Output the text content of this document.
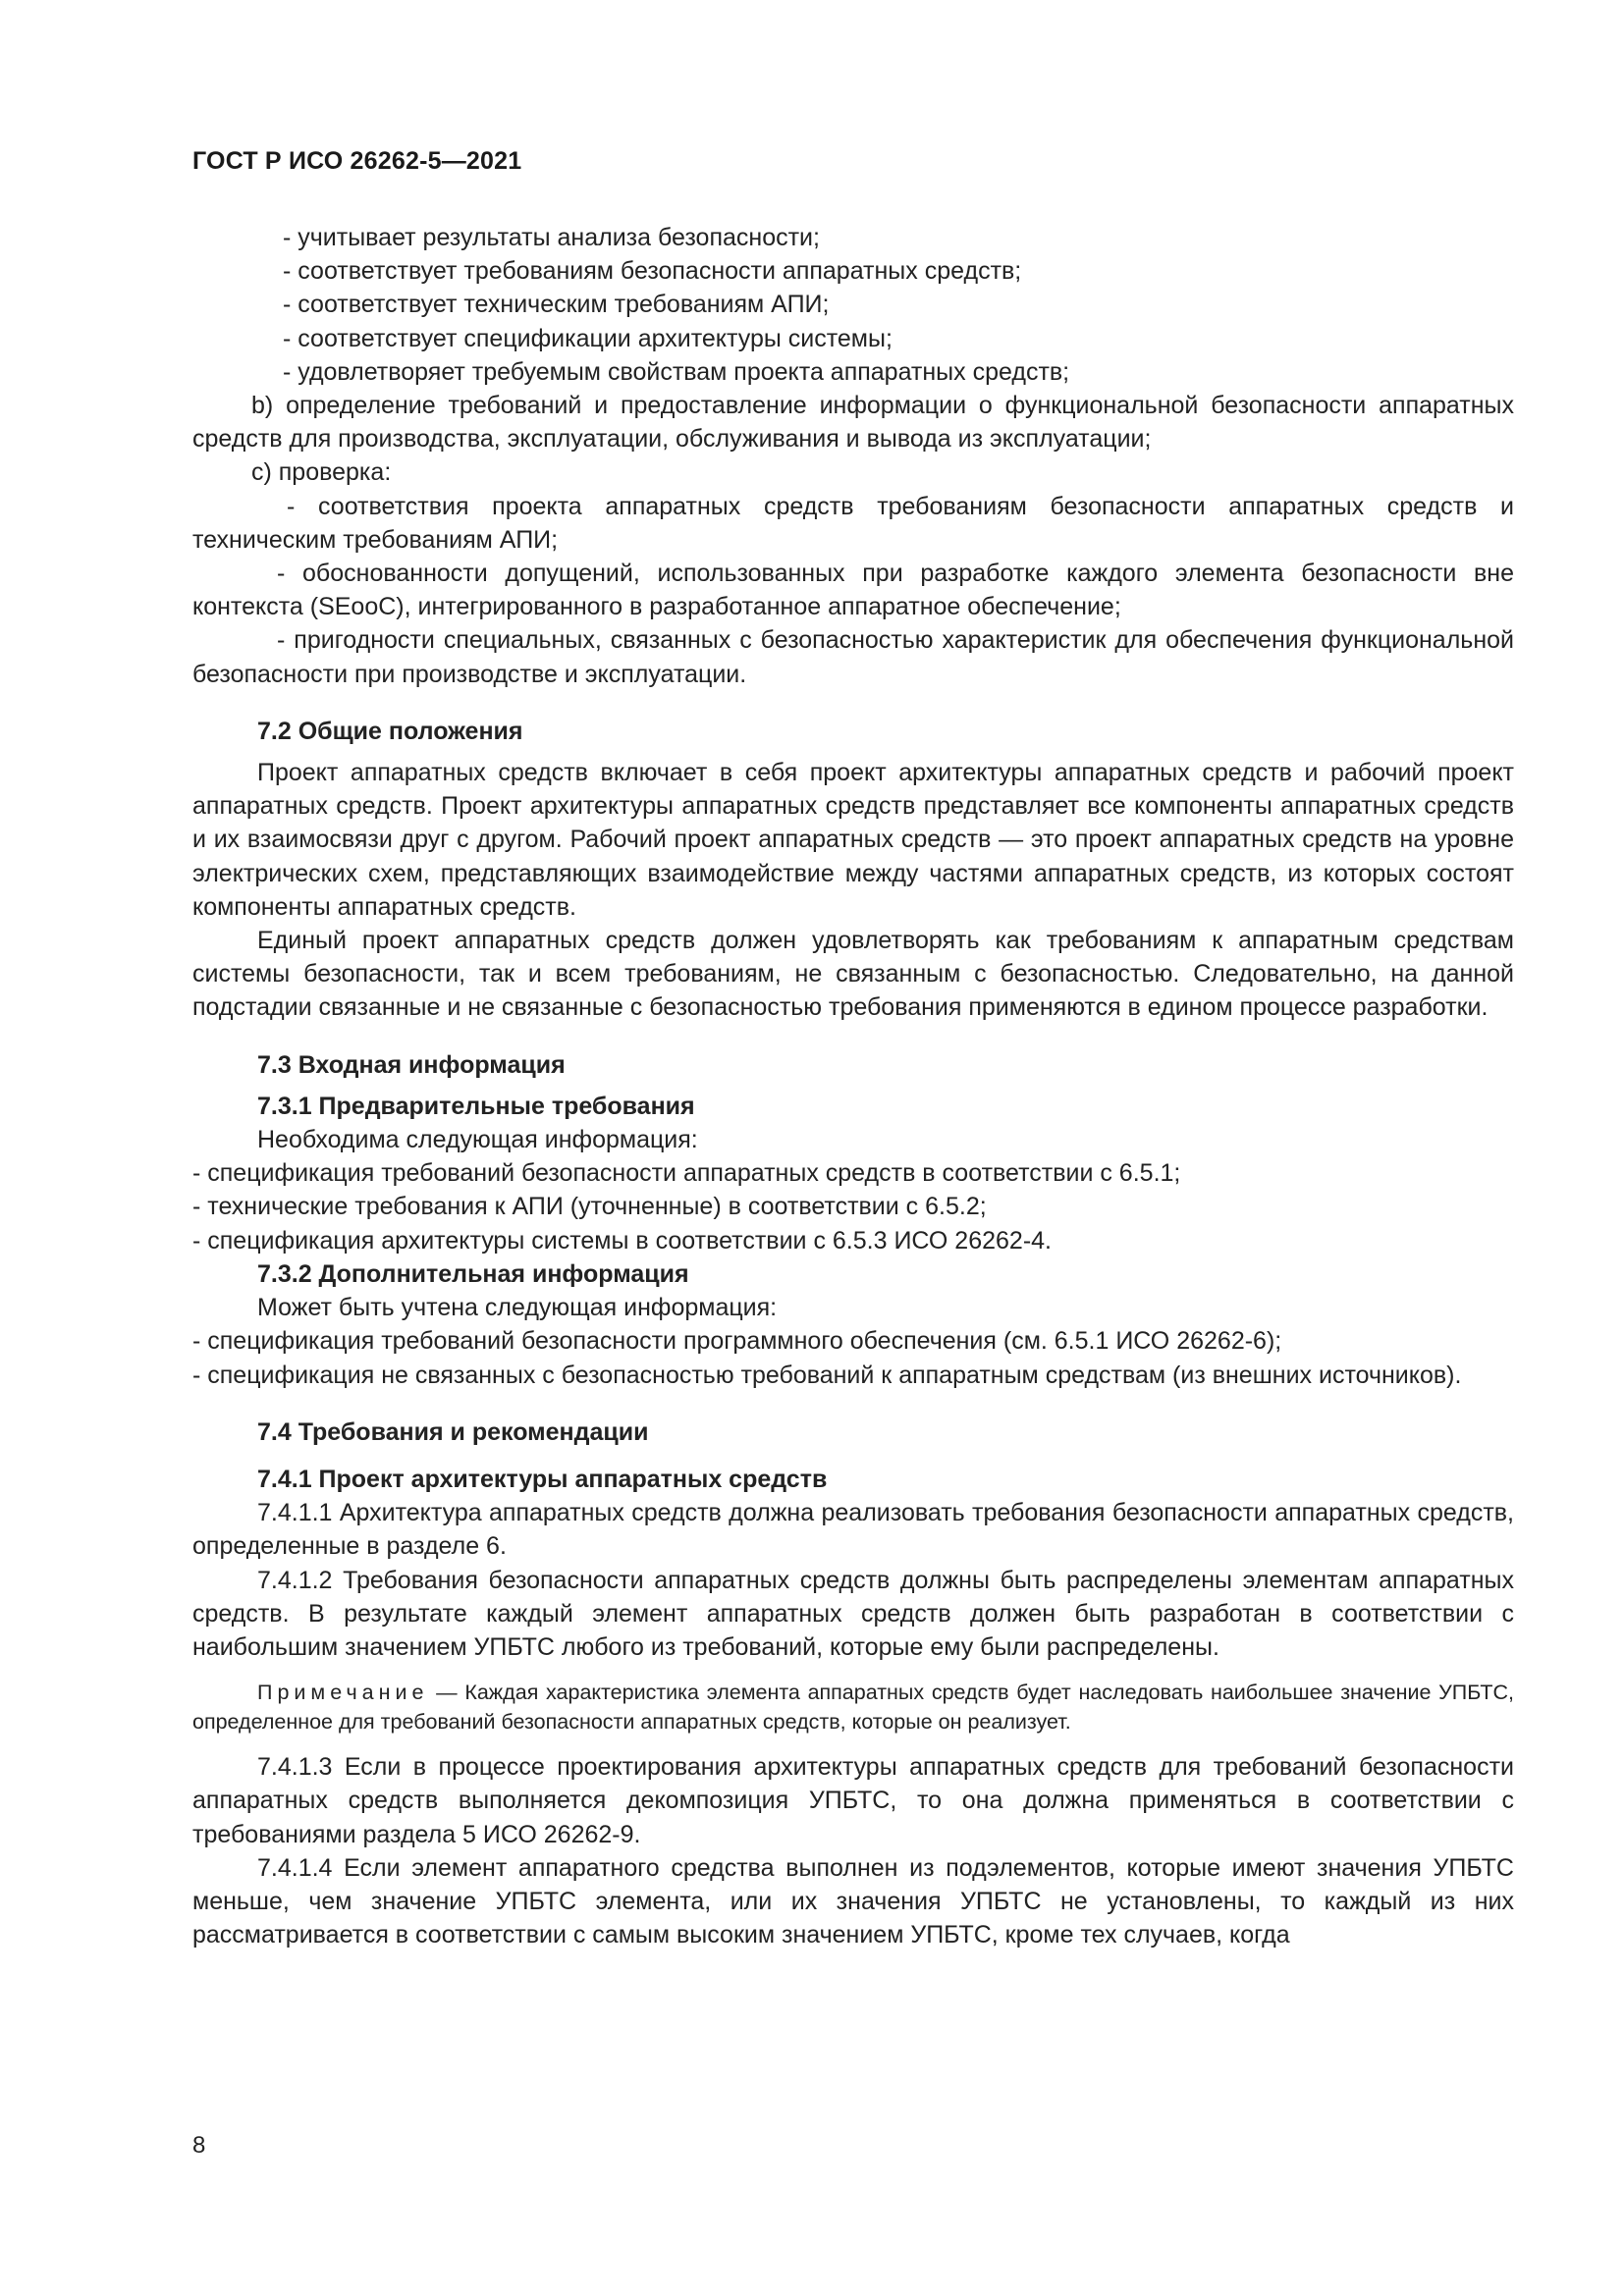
ГОСТ Р ИСО 26262-5—2021

- учитывает результаты анализа безопасности;

- соответствует требованиям безопасности аппаратных средств;

- соответствует техническим требованиям АПИ;

- соответствует спецификации архитектуры системы;

- удовлетворяет требуемым свойствам проекта аппаратных средств;

b) определение требований и предоставление информации о функциональной безопасности аппаратных средств для производства, эксплуатации, обслуживания и вывода из эксплуатации;

c) проверка:

- соответствия проекта аппаратных средств требованиям безопасности аппаратных средств и техническим требованиям АПИ;

- обоснованности допущений, использованных при разработке каждого элемента безопасности вне контекста (SEooC), интегрированного в разработанное аппаратное обеспечение;

- пригодности специальных, связанных с безопасностью характеристик для обеспечения функциональной безопасности при производстве и эксплуатации.

7.2 Общие положения

Проект аппаратных средств включает в себя проект архитектуры аппаратных средств и рабочий проект аппаратных средств. Проект архитектуры аппаратных средств представляет все компоненты аппаратных средств и их взаимосвязи друг с другом. Рабочий проект аппаратных средств — это проект аппаратных средств на уровне электрических схем, представляющих взаимодействие между частями аппаратных средств, из которых состоят компоненты аппаратных средств.

Единый проект аппаратных средств должен удовлетворять как требованиям к аппаратным средствам системы безопасности, так и всем требованиям, не связанным с безопасностью. Следовательно, на данной подстадии связанные и не связанные с безопасностью требования применяются в едином процессе разработки.

7.3 Входная информация

7.3.1 Предварительные требования

Необходима следующая информация:

- спецификация требований безопасности аппаратных средств в соответствии с 6.5.1;

- технические требования к АПИ (уточненные) в соответствии с 6.5.2;

- спецификация архитектуры системы в соответствии с 6.5.3 ИСО 26262-4.

7.3.2 Дополнительная информация

Может быть учтена следующая информация:

- спецификация требований безопасности программного обеспечения (см. 6.5.1 ИСО 26262-6);

- спецификация не связанных с безопасностью требований к аппаратным средствам (из внешних источников).

7.4 Требования и рекомендации

7.4.1 Проект архитектуры аппаратных средств

7.4.1.1 Архитектура аппаратных средств должна реализовать требования безопасности аппаратных средств, определенные в разделе 6.

7.4.1.2 Требования безопасности аппаратных средств должны быть распределены элементам аппаратных средств. В результате каждый элемент аппаратных средств должен быть разработан в соответствии с наибольшим значением УПБТС любого из требований, которые ему были распределены.

Примечание — Каждая характеристика элемента аппаратных средств будет наследовать наибольшее значение УПБТС, определенное для требований безопасности аппаратных средств, которые он реализует.

7.4.1.3 Если в процессе проектирования архитектуры аппаратных средств для требований безопасности аппаратных средств выполняется декомпозиция УПБТС, то она должна применяться в соответствии с требованиями раздела 5 ИСО 26262-9.

7.4.1.4 Если элемент аппаратного средства выполнен из подэлементов, которые имеют значения УПБТС меньше, чем значение УПБТС элемента, или их значения УПБТС не установлены, то каждый из них рассматривается в соответствии с самым высоким значением УПБТС, кроме тех случаев, когда

8
